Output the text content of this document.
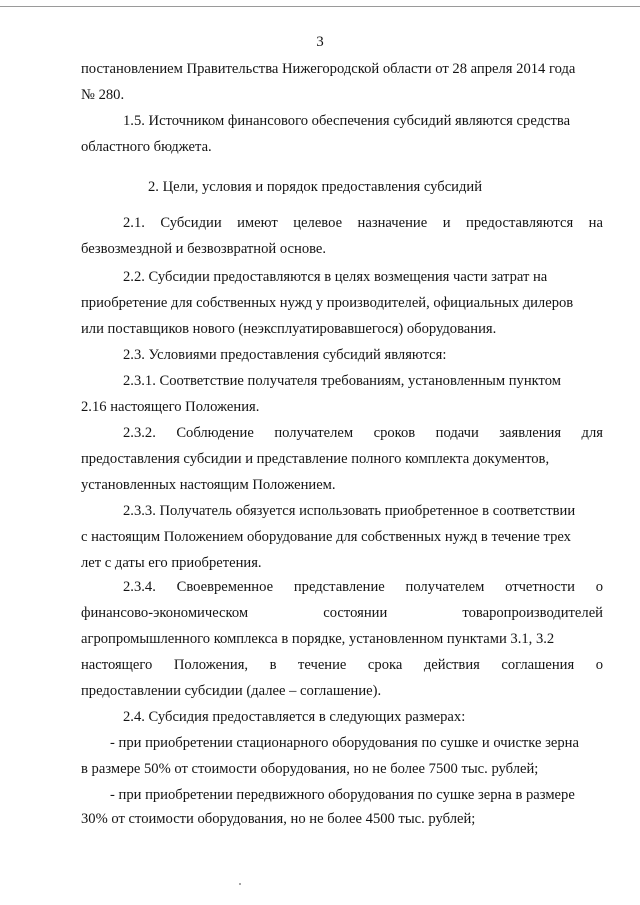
3
постановлением Правительства Нижегородской области от 28 апреля 2014 года
№ 280.
1.5. Источником финансового обеспечения субсидий являются средства
областного бюджета.
2. Цели, условия и порядок предоставления субсидий
2.1. Субсидии имеют целевое назначение и предоставляются на
безвозмездной и безвозвратной основе.
2.2. Субсидии предоставляются в целях возмещения части затрат на
приобретение для собственных нужд у производителей, официальных дилеров
или поставщиков нового (неэксплуатировавшегося) оборудования.
2.3. Условиями предоставления субсидий являются:
2.3.1. Соответствие получателя требованиям, установленным пунктом
2.16 настоящего Положения.
2.3.2. Соблюдение получателем сроков подачи заявления для
предоставления субсидии и представление полного комплекта документов,
установленных настоящим Положением.
2.3.3. Получатель обязуется использовать приобретенное в соответствии
с настоящим Положением оборудование для собственных нужд в течение трех
лет с даты его приобретения.
2.3.4. Своевременное представление получателем отчетности о
финансово-экономическом	состоянии	товаропроизводителей
агропромышленного комплекса в порядке, установленном пунктами 3.1, 3.2
настоящего Положения, в течение срока действия соглашения о
предоставлении субсидии (далее – соглашение).
2.4. Субсидия предоставляется в следующих размерах:
- при приобретении стационарного оборудования по сушке и очистке зерна
в размере 50% от стоимости оборудования, но не более 7500 тыс. рублей;
- при приобретении передвижного оборудования по сушке зерна в размере
30% от стоимости оборудования, но не более 4500 тыс. рублей;
